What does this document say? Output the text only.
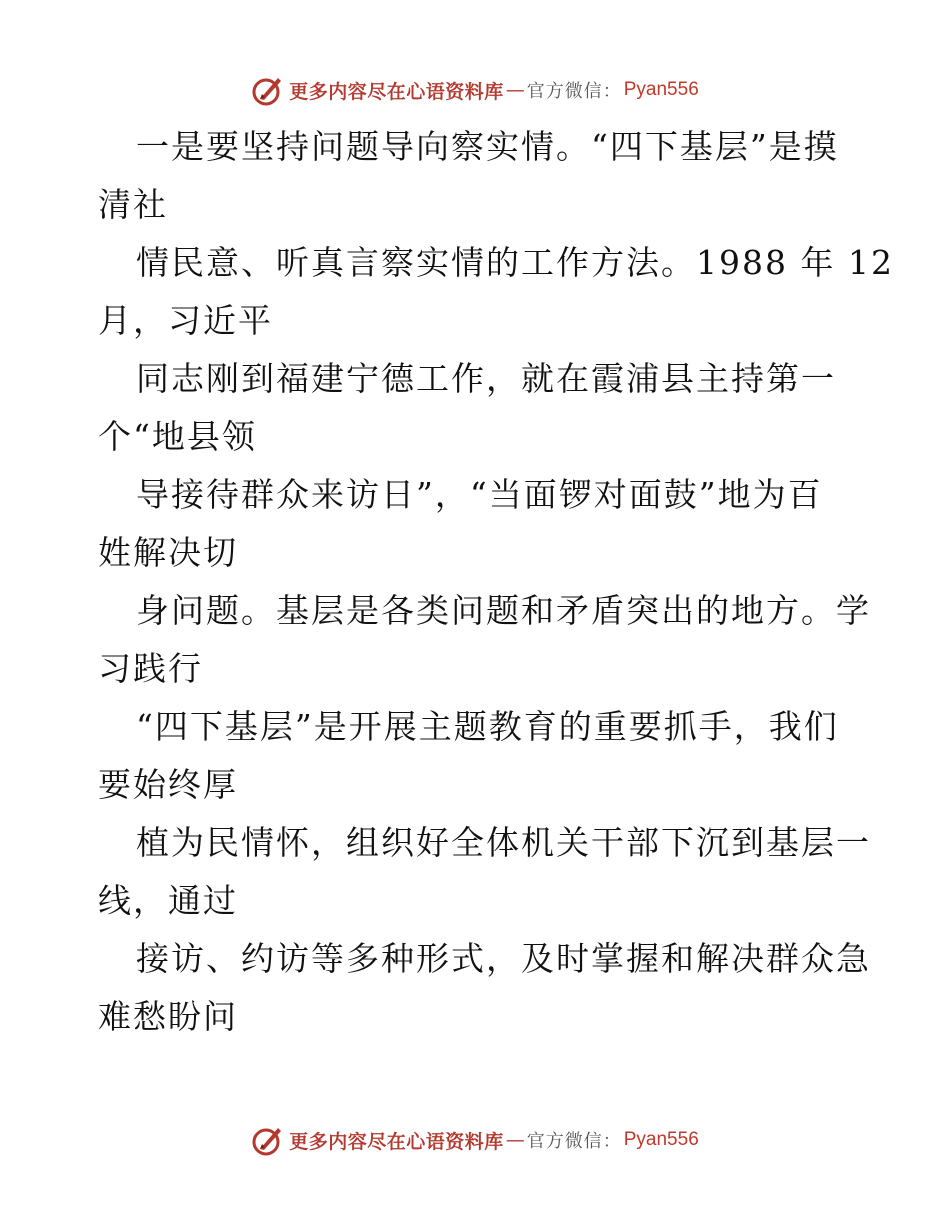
更多内容尽在心语资料库 — 官方微信： Pyan556
一是要坚持问题导向察实情。“四下基层”是摸
清社
情民意、听真言察实情的工作方法。1988 年 12
月，习近平
同志刚到福建宁德工作，就在霞浦县主持第一
个“地县领
导接待群众来访日”，“当面锣对面鼓”地为百
姓解决切
身问题。基层是各类问题和矛盾突出的地方。学
习践行
“四下基层”是开展主题教育的重要抓手，我们
要始终厚
植为民情怀，组织好全体机关干部下沉到基层一
线，通过
接访、约访等多种形式，及时掌握和解决群众急
难愁盼问
更多内容尽在心语资料库 — 官方微信： Pyan556
